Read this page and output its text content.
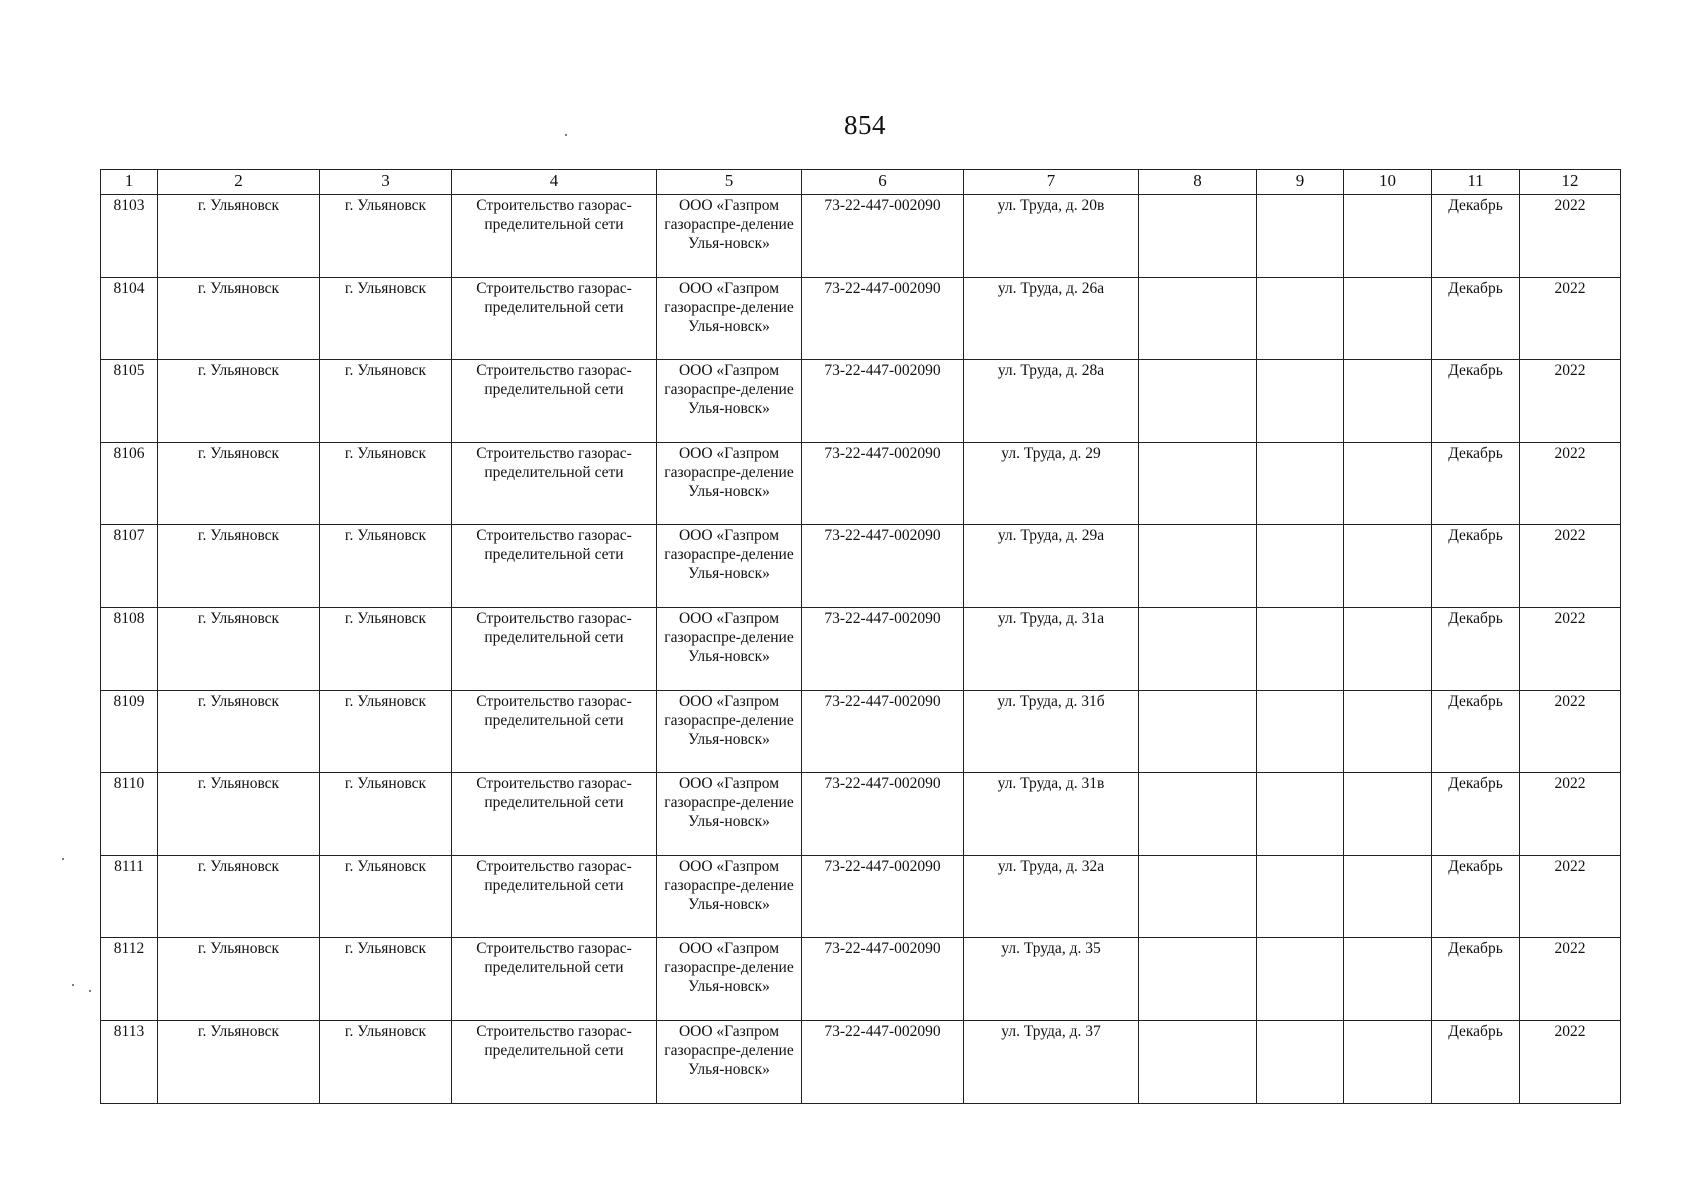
854
1	2	3	4	5	6	7	8	9	10	11	12
8103	г. Ульяновск	г. Ульяновск	Строительство газорас-пределительной сети	ООО «Газпром газораспре-деление Улья-новск»	73-22-447-002090	ул. Труда, д. 20в				Декабрь	2022
8104	г. Ульяновск	г. Ульяновск	Строительство газорас-пределительной сети	ООО «Газпром газораспре-деление Улья-новск»	73-22-447-002090	ул. Труда, д. 26а				Декабрь	2022
8105	г. Ульяновск	г. Ульяновск	Строительство газорас-пределительной сети	ООО «Газпром газораспре-деление Улья-новск»	73-22-447-002090	ул. Труда, д. 28а				Декабрь	2022
8106	г. Ульяновск	г. Ульяновск	Строительство газорас-пределительной сети	ООО «Газпром газораспре-деление Улья-новск»	73-22-447-002090	ул. Труда, д. 29				Декабрь	2022
8107	г. Ульяновск	г. Ульяновск	Строительство газорас-пределительной сети	ООО «Газпром газораспре-деление Улья-новск»	73-22-447-002090	ул. Труда, д. 29а				Декабрь	2022
8108	г. Ульяновск	г. Ульяновск	Строительство газорас-пределительной сети	ООО «Газпром газораспре-деление Улья-новск»	73-22-447-002090	ул. Труда, д. 31а				Декабрь	2022
8109	г. Ульяновск	г. Ульяновск	Строительство газорас-пределительной сети	ООО «Газпром газораспре-деление Улья-новск»	73-22-447-002090	ул. Труда, д. 31б				Декабрь	2022
8110	г. Ульяновск	г. Ульяновск	Строительство газорас-пределительной сети	ООО «Газпром газораспре-деление Улья-новск»	73-22-447-002090	ул. Труда, д. 31в				Декабрь	2022
8111	г. Ульяновск	г. Ульяновск	Строительство газорас-пределительной сети	ООО «Газпром газораспре-деление Улья-новск»	73-22-447-002090	ул. Труда, д. 32а				Декабрь	2022
8112	г. Ульяновск	г. Ульяновск	Строительство газорас-пределительной сети	ООО «Газпром газораспре-деление Улья-новск»	73-22-447-002090	ул. Труда, д. 35				Декабрь	2022
8113	г. Ульяновск	г. Ульяновск	Строительство газорас-пределительной сети	ООО «Газпром газораспре-деление Улья-новск»	73-22-447-002090	ул. Труда, д. 37				Декабрь	2022
